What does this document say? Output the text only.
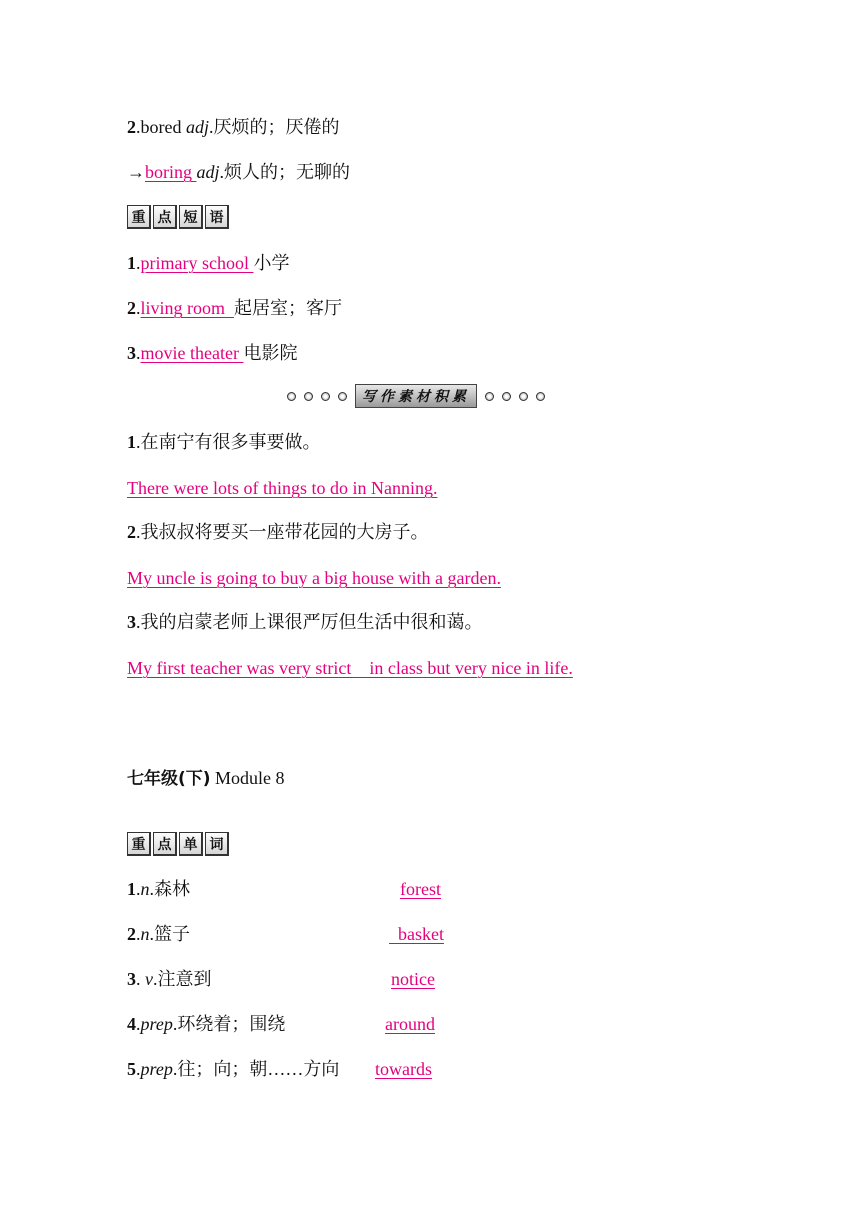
2.bored adj.厌烦的；厌倦的
→boring adj.烦人的；无聊的
重 点 短 语
1.primary school 小学
2.living room  起居室；客厅
3.movie theater 电影院
写作素材积累
1.在南宁有很多事要做。
There were lots of things to do in Nanning.
2.我叔叔将要买一座带花园的大房子。
My uncle is going to buy a big house with a garden.
3.我的启蒙老师上课很严厉但生活中很和蔼。
My first teacher was very strict    in class but very nice in life.
七年级(下) Module 8
重 点 单 词
1.n.森林	forest
2.n.篮子	basket
3. v.注意到	notice
4.prep.环绕着；围绕	around
5.prep.往；向；朝……方向 towards
